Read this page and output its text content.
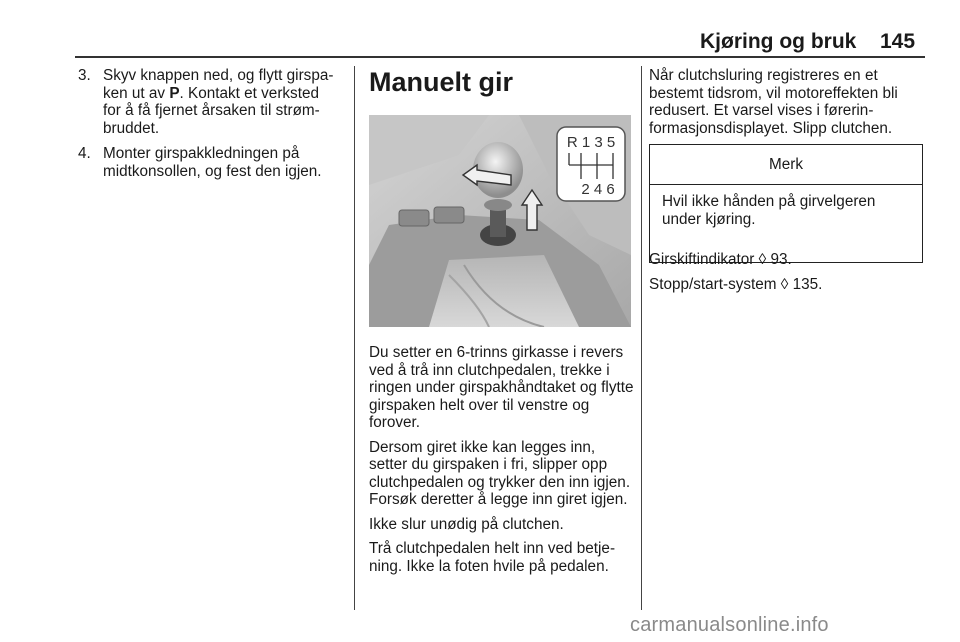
Kjøring og bruk 145
3. Skyv knappen ned, og flytt girspa-ken ut av P. Kontakt et verksted for å få fjernet årsaken til strøm-bruddet.
4. Monter girspakkledningen på midtkonsollen, og fest den igjen.
Manuelt gir
R 1 3 5
2 4 6

Du setter en 6-trinns girkasse i revers ved å trå inn clutchpedalen, trekke i ringen under girspakhåndtaket og flytte girspaken helt over til venstre og forover.

Dersom giret ikke kan legges inn, setter du girspaken i fri, slipper opp clutchpedalen og trykker den inn igjen. Forsøk deretter å legge inn giret igjen.

Ikke slur unødig på clutchen.

Trå clutchpedalen helt inn ved betje-ning. Ikke la foten hvile på pedalen.

Når clutchsluring registreres en et bestemt tidsrom, vil motoreffekten bli redusert. Et varsel vises i førerin-formasjonsdisplayet. Slipp clutchen.

Merk
Hvil ikke hånden på girvelgeren under kjøring.

Girskiftindikator ◊ 93.

Stopp/start-system ◊ 135.

carmanualsonline.info
